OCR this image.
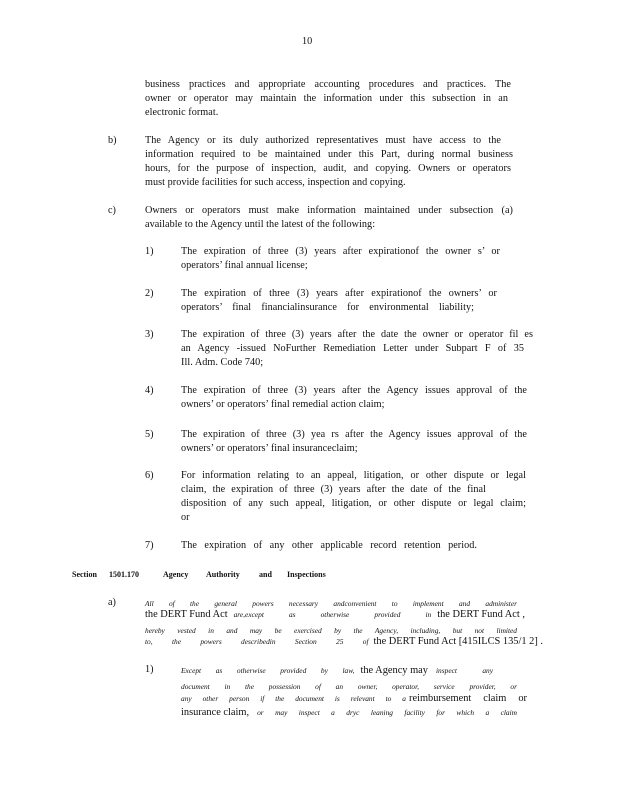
10
business practices and appropriate accounting procedures and practices. The
owner or operator may maintain the information under this subsection in an
electronic format.
b)	The Agency or its duly authorized representatives must have access to the
information required to be maintained under this Part, during normal business
hours, for the purpose of inspection, audit, and copying. Owners or operators
must provide facilities for such access, inspection and copying.
c)	Owners or operators must make information maintained under subsection (a)
available to the Agency until the latest of the following:
1)	The expiration of three (3) years after expirationof the owner s’ or
operators’ final annual license;
2)	The expiration of three (3) years after expirationof the owners’ or
operators’ final financialinsurance for environmental liability;
3)	The expiration of three (3) years after the date the owner or operator fil es
an Agency -issued NoFurther Remediation Letter under Subpart F of 35
Ill. Adm. Code 740;
4)	The expiration of three (3) years after the Agency issues approval of the
owners’ or operators’ final remedial action claim;
5)	The expiration of three (3) yea rs after the Agency issues approval of the
owners’ or operators’ final insuranceclaim;
6)	For information relating to an appeal, litigation, or other dispute or legal
claim, the expiration of three (3) years after the date of the final
disposition of any such appeal, litigation, or other dispute or legal claim;
or
7)	The expiration of any other applicable record retention period.
Section 1501.170	Agency Authority and Inspections
a)	All of the general powers necessary andconvenient to implement and administer
the DERT Fund Act are,except as otherwise provided in the DERT Fund Act ,
hereby vested in and may be exercised by the Agency, including, but not limited
to, the powers describedin Section 25 of the DERT Fund Act [415ILCS 135/1 2] .
1)	Except as otherwise provided by law, the Agency may inspect any
document in the possession of an owner, operator, service provider, or
any other person if the document is relevant to a reimbursement claim or
insurance claim, or may inspect a dryc leaning facility for which a claim
